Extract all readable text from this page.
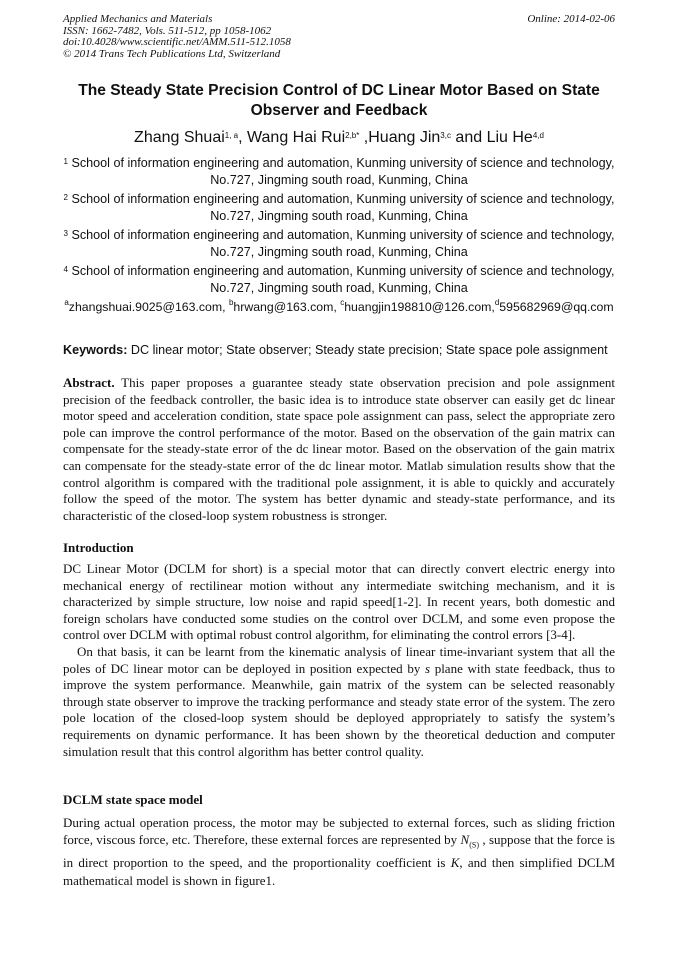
Applied Mechanics and Materials
ISSN: 1662-7482, Vols. 511-512, pp 1058-1062
doi:10.4028/www.scientific.net/AMM.511-512.1058
© 2014 Trans Tech Publications Ltd, Switzerland
Online: 2014-02-06
The Steady State Precision Control of DC Linear Motor Based on State Observer and Feedback
Zhang Shuai$^{1, a}$, Wang Hai Rui$^{2,b*}$ ,Huang Jin$^{3,c}$ and Liu He$^{4,d}$
$^1$ School of information engineering and automation, Kunming university of science and technology,
No.727, Jingming south road, Kunming, China
$^2$ School of information engineering and automation, Kunming university of science and technology,
No.727, Jingming south road, Kunming, China
$^3$ School of information engineering and automation, Kunming university of science and technology,
No.727, Jingming south road, Kunming, China
$^4$ School of information engineering and automation, Kunming university of science and technology,
No.727, Jingming south road, Kunming, China
$^a$zhangshuai.9025@163.com, $^b$hrwang@163.com, $^c$huangjin198810@126.com,$^d$595682969@qq.com
Keywords: DC linear motor; State observer; Steady state precision; State space pole assignment

Abstract. This paper proposes a guarantee steady state observation precision and pole assignment precision of the feedback controller, the basic idea is to introduce state observer can easily get dc linear motor speed and acceleration condition, state space pole assignment can pass, select the appropriate zero pole can improve the control performance of the motor. Based on the observation of the gain matrix can compensate for the steady-state error of the dc linear motor. Based on the observation of the gain matrix can compensate for the steady-state error of the dc linear motor. Matlab simulation results show that the control algorithm is compared with the traditional pole assignment, it is able to quickly and accurately follow the speed of the motor. The system has better dynamic and steady-state performance, and its characteristic of the closed-loop system robustness is stronger.

Introduction

DC Linear Motor (DCLM for short) is a special motor that can directly convert electric energy into mechanical energy of rectilinear motion without any intermediate switching mechanism, and it is characterized by simple structure, low noise and rapid speed[1-2]. In recent years, both domestic and foreign scholars have conducted some studies on the control over DCLM, and some even propose the control over DCLM with optimal robust control algorithm, for eliminating the control errors [3-4].

On that basis, it can be learnt from the kinematic analysis of linear time-invariant system that all the poles of DC linear motor can be deployed in position expected by s plane with state feedback, thus to improve the system performance. Meanwhile, gain matrix of the system can be selected reasonably through state observer to improve the tracking performance and steady state error of the system. The zero pole location of the closed-loop system should be deployed appropriately to satisfy the system’s requirements on dynamic performance. It has been shown by the theoretical deduction and computer simulation result that this control algorithm has better control quality.

DCLM state space model

During actual operation process, the motor may be subjected to external forces, such as sliding friction force, viscous force, etc. Therefore, these external forces are represented by $N_{(S)}$ , suppose that the force is in direct proportion to the speed, and the proportionality coefficient is K, and then simplified DCLM mathematical model is shown in figure1.
